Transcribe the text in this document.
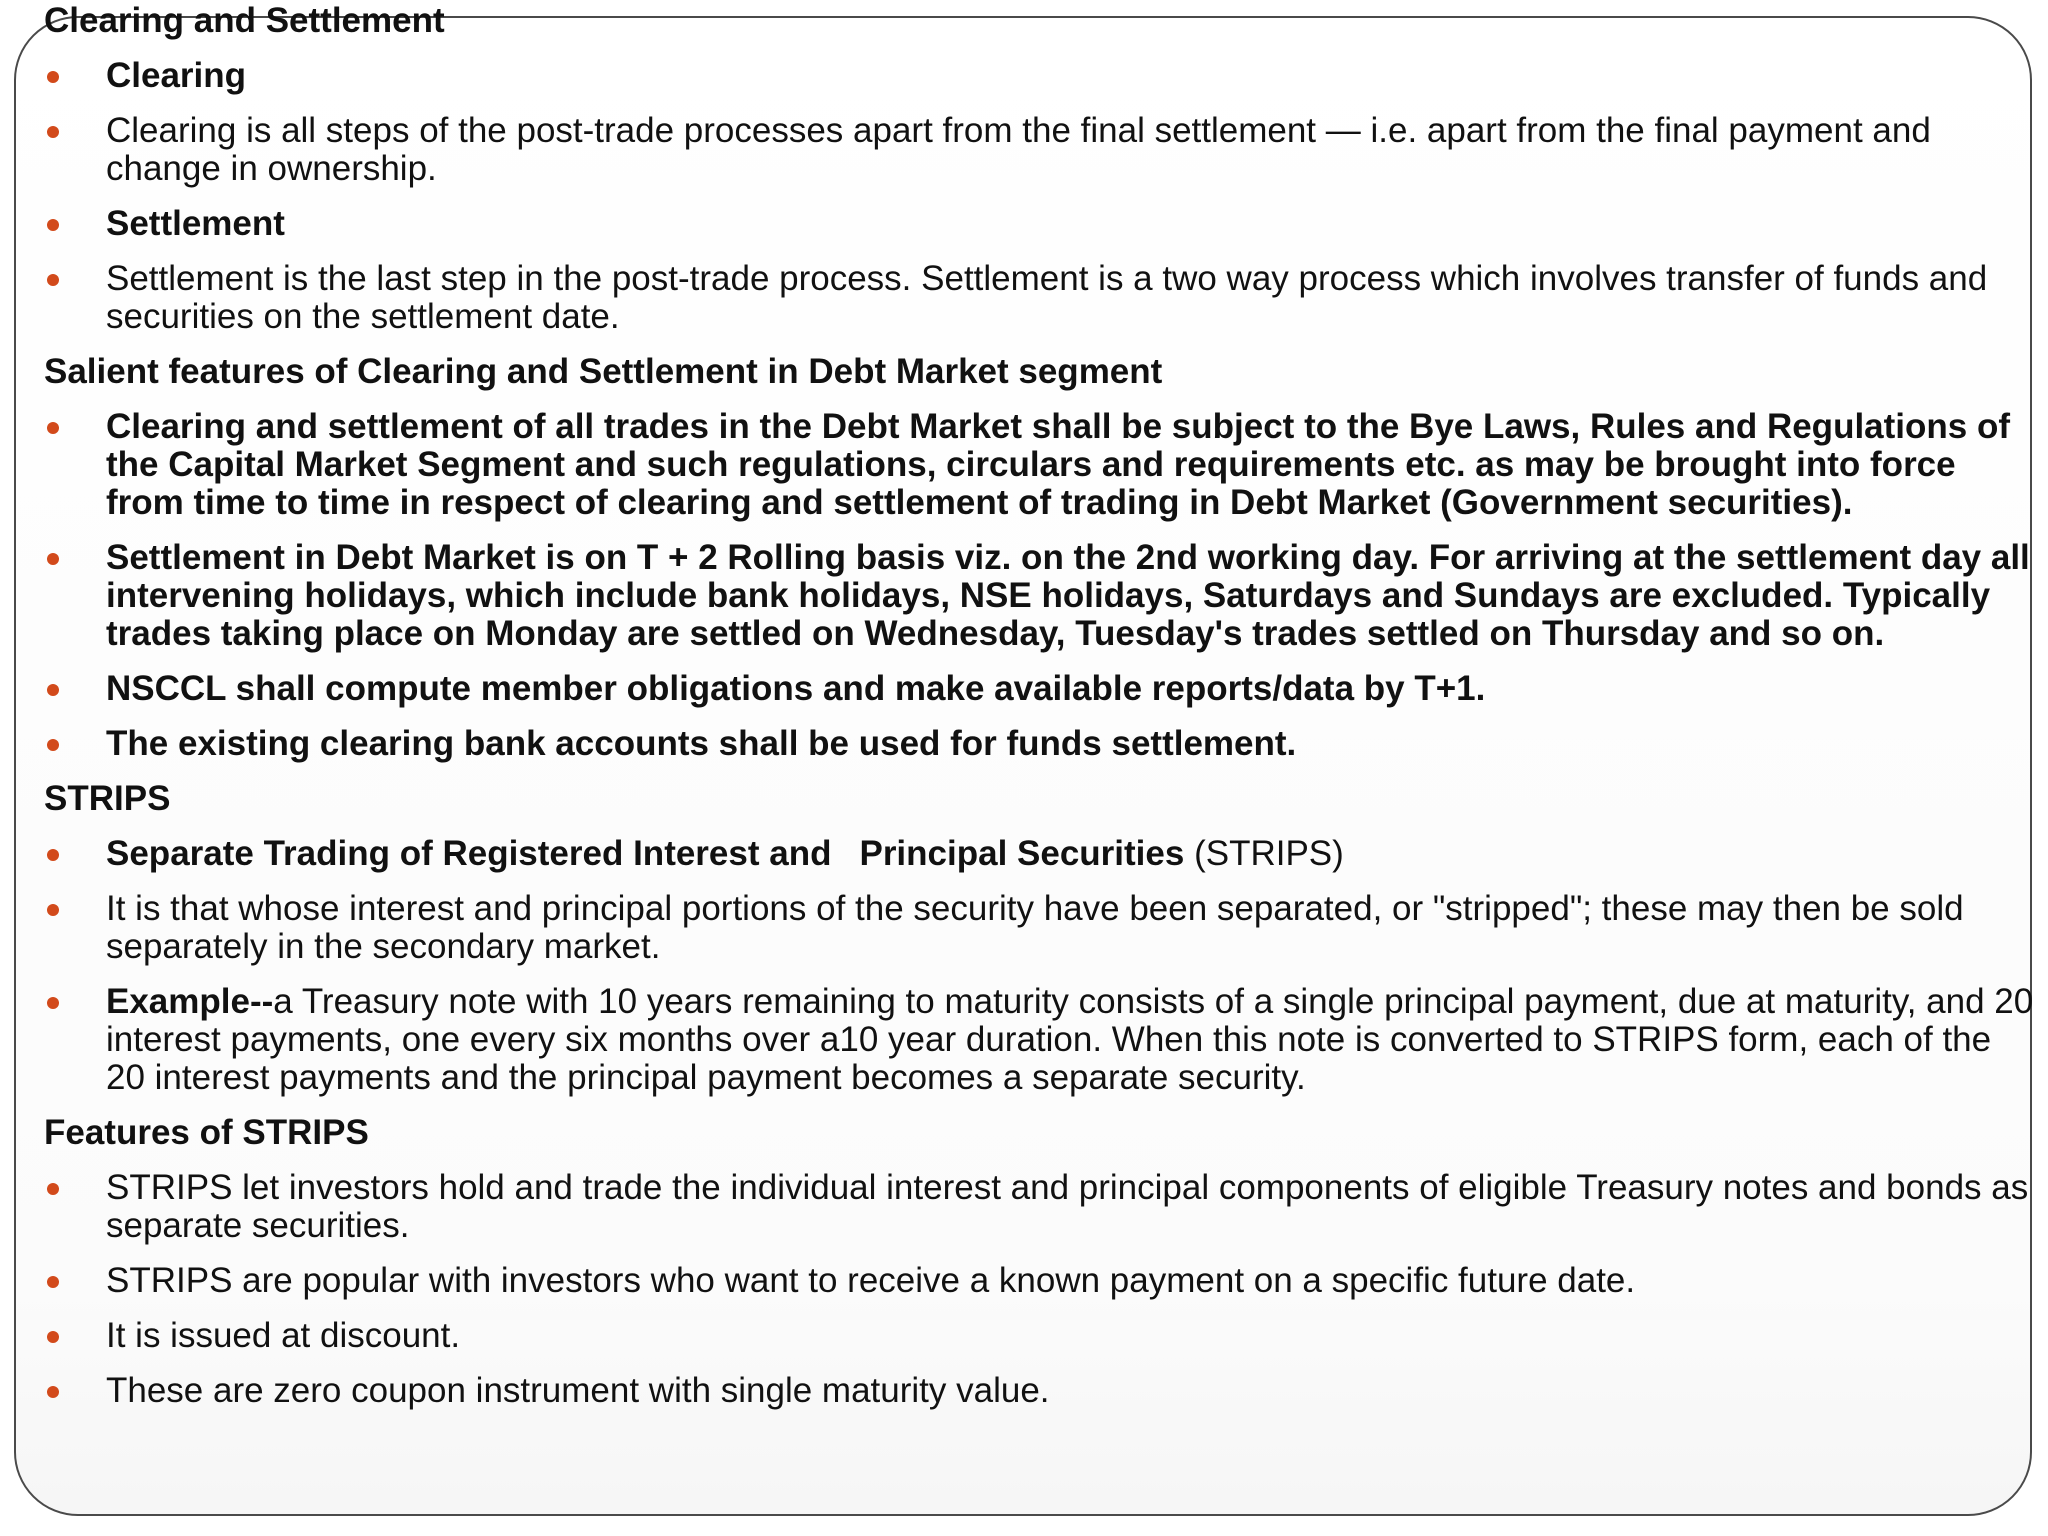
Clearing and Settlement
Clearing
Clearing is all steps of the post-trade processes apart from the final settlement — i.e. apart from the final payment and change in ownership.
Settlement
Settlement is the last step in the post-trade process. Settlement is a two way process which involves transfer of funds and securities on the settlement date.
Salient features of Clearing and Settlement in Debt Market segment
Clearing and settlement of all trades in the Debt Market shall be subject to the Bye Laws, Rules and Regulations of the Capital Market Segment and such regulations, circulars and requirements etc. as may be brought into force from time to time in respect of clearing and settlement of trading in Debt Market (Government securities).
Settlement in Debt Market is on T + 2 Rolling basis viz. on the 2nd working day. For arriving at the settlement day all intervening holidays, which include bank holidays, NSE holidays, Saturdays and Sundays are excluded. Typically trades taking place on Monday are settled on Wednesday, Tuesday's trades settled on Thursday and so on.
NSCCL shall compute member obligations and make available reports/data by T+1.
The existing clearing bank accounts shall be used for funds settlement.
STRIPS
Separate Trading of Registered Interest and Principal Securities (STRIPS)
It is that whose interest and principal portions of the security have been separated, or "stripped"; these may then be sold separately in the secondary market.
Example--a Treasury note with 10 years remaining to maturity consists of a single principal payment, due at maturity, and 20 interest payments, one every six months over a10 year duration. When this note is converted to STRIPS form, each of the 20 interest payments and the principal payment becomes a separate security.
Features of STRIPS
STRIPS let investors hold and trade the individual interest and principal components of eligible Treasury notes and bonds as separate securities.
STRIPS are popular with investors who want to receive a known payment on a specific future date.
It is issued at discount.
These are zero coupon instrument with single maturity value.
